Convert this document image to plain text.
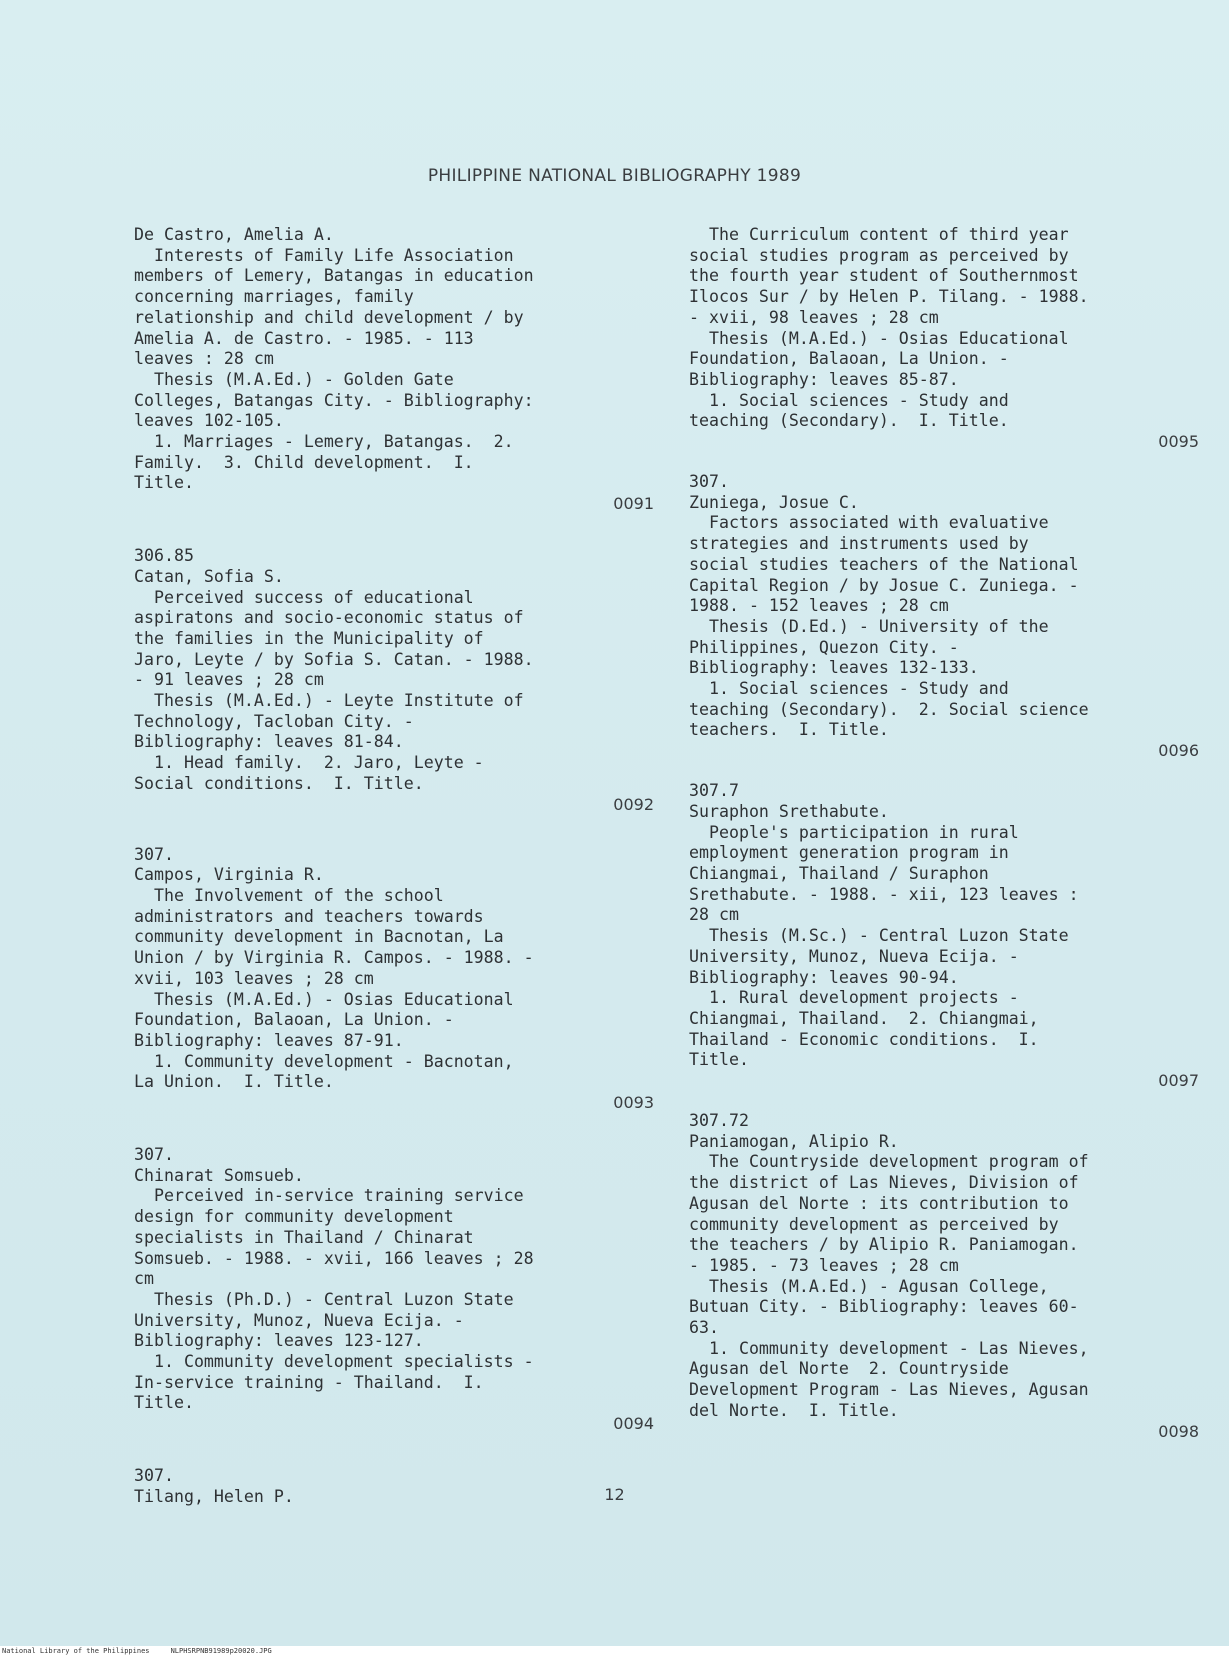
PHILIPPINE NATIONAL BIBLIOGRAPHY 1989
De Castro, Amelia A.
Interests of Family Life Association
members of Lemery, Batangas in education
concerning marriages, family
relationship and child development / by
Amelia A. de Castro. - 1985. - 113
leaves : 28 cm
Thesis (M.A.Ed.) - Golden Gate
Colleges, Batangas City. - Bibliography:
leaves 102-105.
1. Marriages - Lemery, Batangas.  2.
Family.  3. Child development.  I.
Title.
0091
306.85
Catan, Sofia S.
Perceived success of educational
aspiratons and socio-economic status of
the families in the Municipality of
Jaro, Leyte / by Sofia S. Catan. - 1988.
- 91 leaves ; 28 cm
Thesis (M.A.Ed.) - Leyte Institute of
Technology, Tacloban City. -
Bibliography: leaves 81-84.
1. Head family.  2. Jaro, Leyte -
Social conditions.  I. Title.
0092
307.
Campos, Virginia R.
The Involvement of the school
administrators and teachers towards
community development in Bacnotan, La
Union / by Virginia R. Campos. - 1988. -
xvii, 103 leaves ; 28 cm
Thesis (M.A.Ed.) - Osias Educational
Foundation, Balaoan, La Union. -
Bibliography: leaves 87-91.
1. Community development - Bacnotan,
La Union.  I. Title.
0093
307.
Chinarat Somsueb.
Perceived in-service training service
design for community development
specialists in Thailand / Chinarat
Somsueb. - 1988. - xvii, 166 leaves ; 28
cm
Thesis (Ph.D.) - Central Luzon State
University, Munoz, Nueva Ecija. -
Bibliography: leaves 123-127.
1. Community development specialists -
In-service training - Thailand.  I.
Title.
0094
307.
Tilang, Helen P.
The Curriculum content of third year
social studies program as perceived by
the fourth year student of Southernmost
Ilocos Sur / by Helen P. Tilang. - 1988.
- xvii, 98 leaves ; 28 cm
Thesis (M.A.Ed.) - Osias Educational
Foundation, Balaoan, La Union. -
Bibliography: leaves 85-87.
1. Social sciences - Study and
teaching (Secondary).  I. Title.
0095
307.
Zuniega, Josue C.
Factors associated with evaluative
strategies and instruments used by
social studies teachers of the National
Capital Region / by Josue C. Zuniega. -
1988. - 152 leaves ; 28 cm
Thesis (D.Ed.) - University of the
Philippines, Quezon City. -
Bibliography: leaves 132-133.
1. Social sciences - Study and
teaching (Secondary).  2. Social science
teachers.  I. Title.
0096
307.7
Suraphon Srethabute.
People's participation in rural
employment generation program in
Chiangmai, Thailand / Suraphon
Srethabute. - 1988. - xii, 123 leaves :
28 cm
Thesis (M.Sc.) - Central Luzon State
University, Munoz, Nueva Ecija. -
Bibliography: leaves 90-94.
1. Rural development projects -
Chiangmai, Thailand.  2. Chiangmai,
Thailand - Economic conditions.  I.
Title.
0097
307.72
Paniamogan, Alipio R.
The Countryside development program of
the district of Las Nieves, Division of
Agusan del Norte : its contribution to
community development as perceived by
the teachers / by Alipio R. Paniamogan.
- 1985. - 73 leaves ; 28 cm
Thesis (M.A.Ed.) - Agusan College,
Butuan City. - Bibliography: leaves 60-
63.
1. Community development - Las Nieves,
Agusan del Norte  2. Countryside
Development Program - Las Nieves, Agusan
del Norte.  I. Title.
0098
12
National Library of the Philippines     NLPHSRPNB91989p20020.JPG
